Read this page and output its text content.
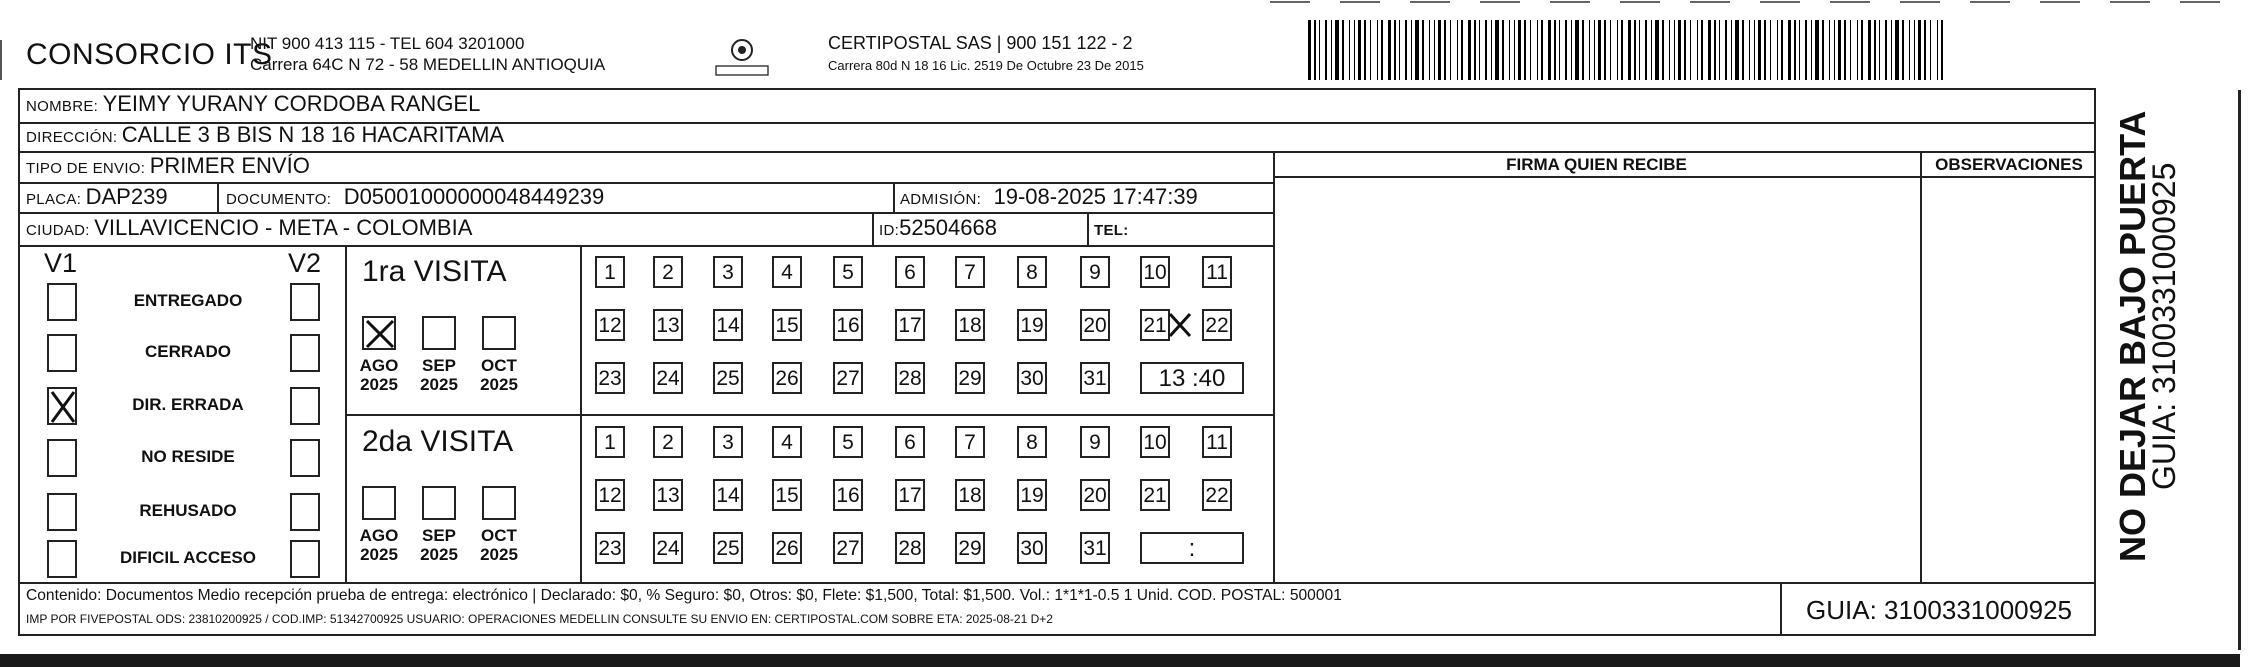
CONSORCIO ITS
NIT 900 413 115 - TEL 604 3201000
Carrera 64C N 72 - 58 MEDELLIN ANTIOQUIA
CERTIPOSTAL SAS | 900 151 122 - 2
Carrera 80d N 18 16 Lic. 2519 De Octubre 23 De 2015
NOMBRE: YEIMY YURANY CORDOBA RANGEL
DIRECCIÓN: CALLE 3 B BIS N 18 16 HACARITAMA
TIPO DE ENVIO: PRIMER ENVÍO
PLACA: DAP239	DOCUMENTO: D05001000000048449239	ADMISIÓN: 19-08-2025 17:47:39
CIUDAD: VILLAVICENCIO - META - COLOMBIA	ID:52504668	TEL:
FIRMA QUIEN RECIBE	OBSERVACIONES
V1	V2
ENTREGADO
CERRADO
DIR. ERRADA
NO RESIDE
REHUSADO
DIFICIL ACCESO
1ra VISITA
AGO
2025
SEP
2025
OCT
2025
1	2	3	4	5	6	7	8	9	10 11
12 13 14 15 16 17 18 19 20 21 22
23 24 25 26 27 28 29 30 31	13 :40
2da VISITA
AGO
2025
SEP
2025
OCT
2025
1	2	3	4	5	6	7	8	9	10 11
12 13 14 15 16 17 18 19 20 21 22
23 24 25 26 27 28 29 30 31	:
Contenido: Documentos Medio recepción prueba de entrega: electrónico | Declarado: $0, % Seguro: $0, Otros: $0, Flete: $1,500, Total: $1,500. Vol.: 1*1*1-0.5 1 Unid. COD. POSTAL: 500001
IMP POR FIVEPOSTAL ODS: 23810200925 / COD.IMP: 51342700925 USUARIO: OPERACIONES MEDELLIN CONSULTE SU ENVIO EN: CERTIPOSTAL.COM SOBRE ETA: 2025-08-21 D+2	GUIA: 3100331000925
NO DEJAR BAJO PUERTA
GUIA: 3100331000925
